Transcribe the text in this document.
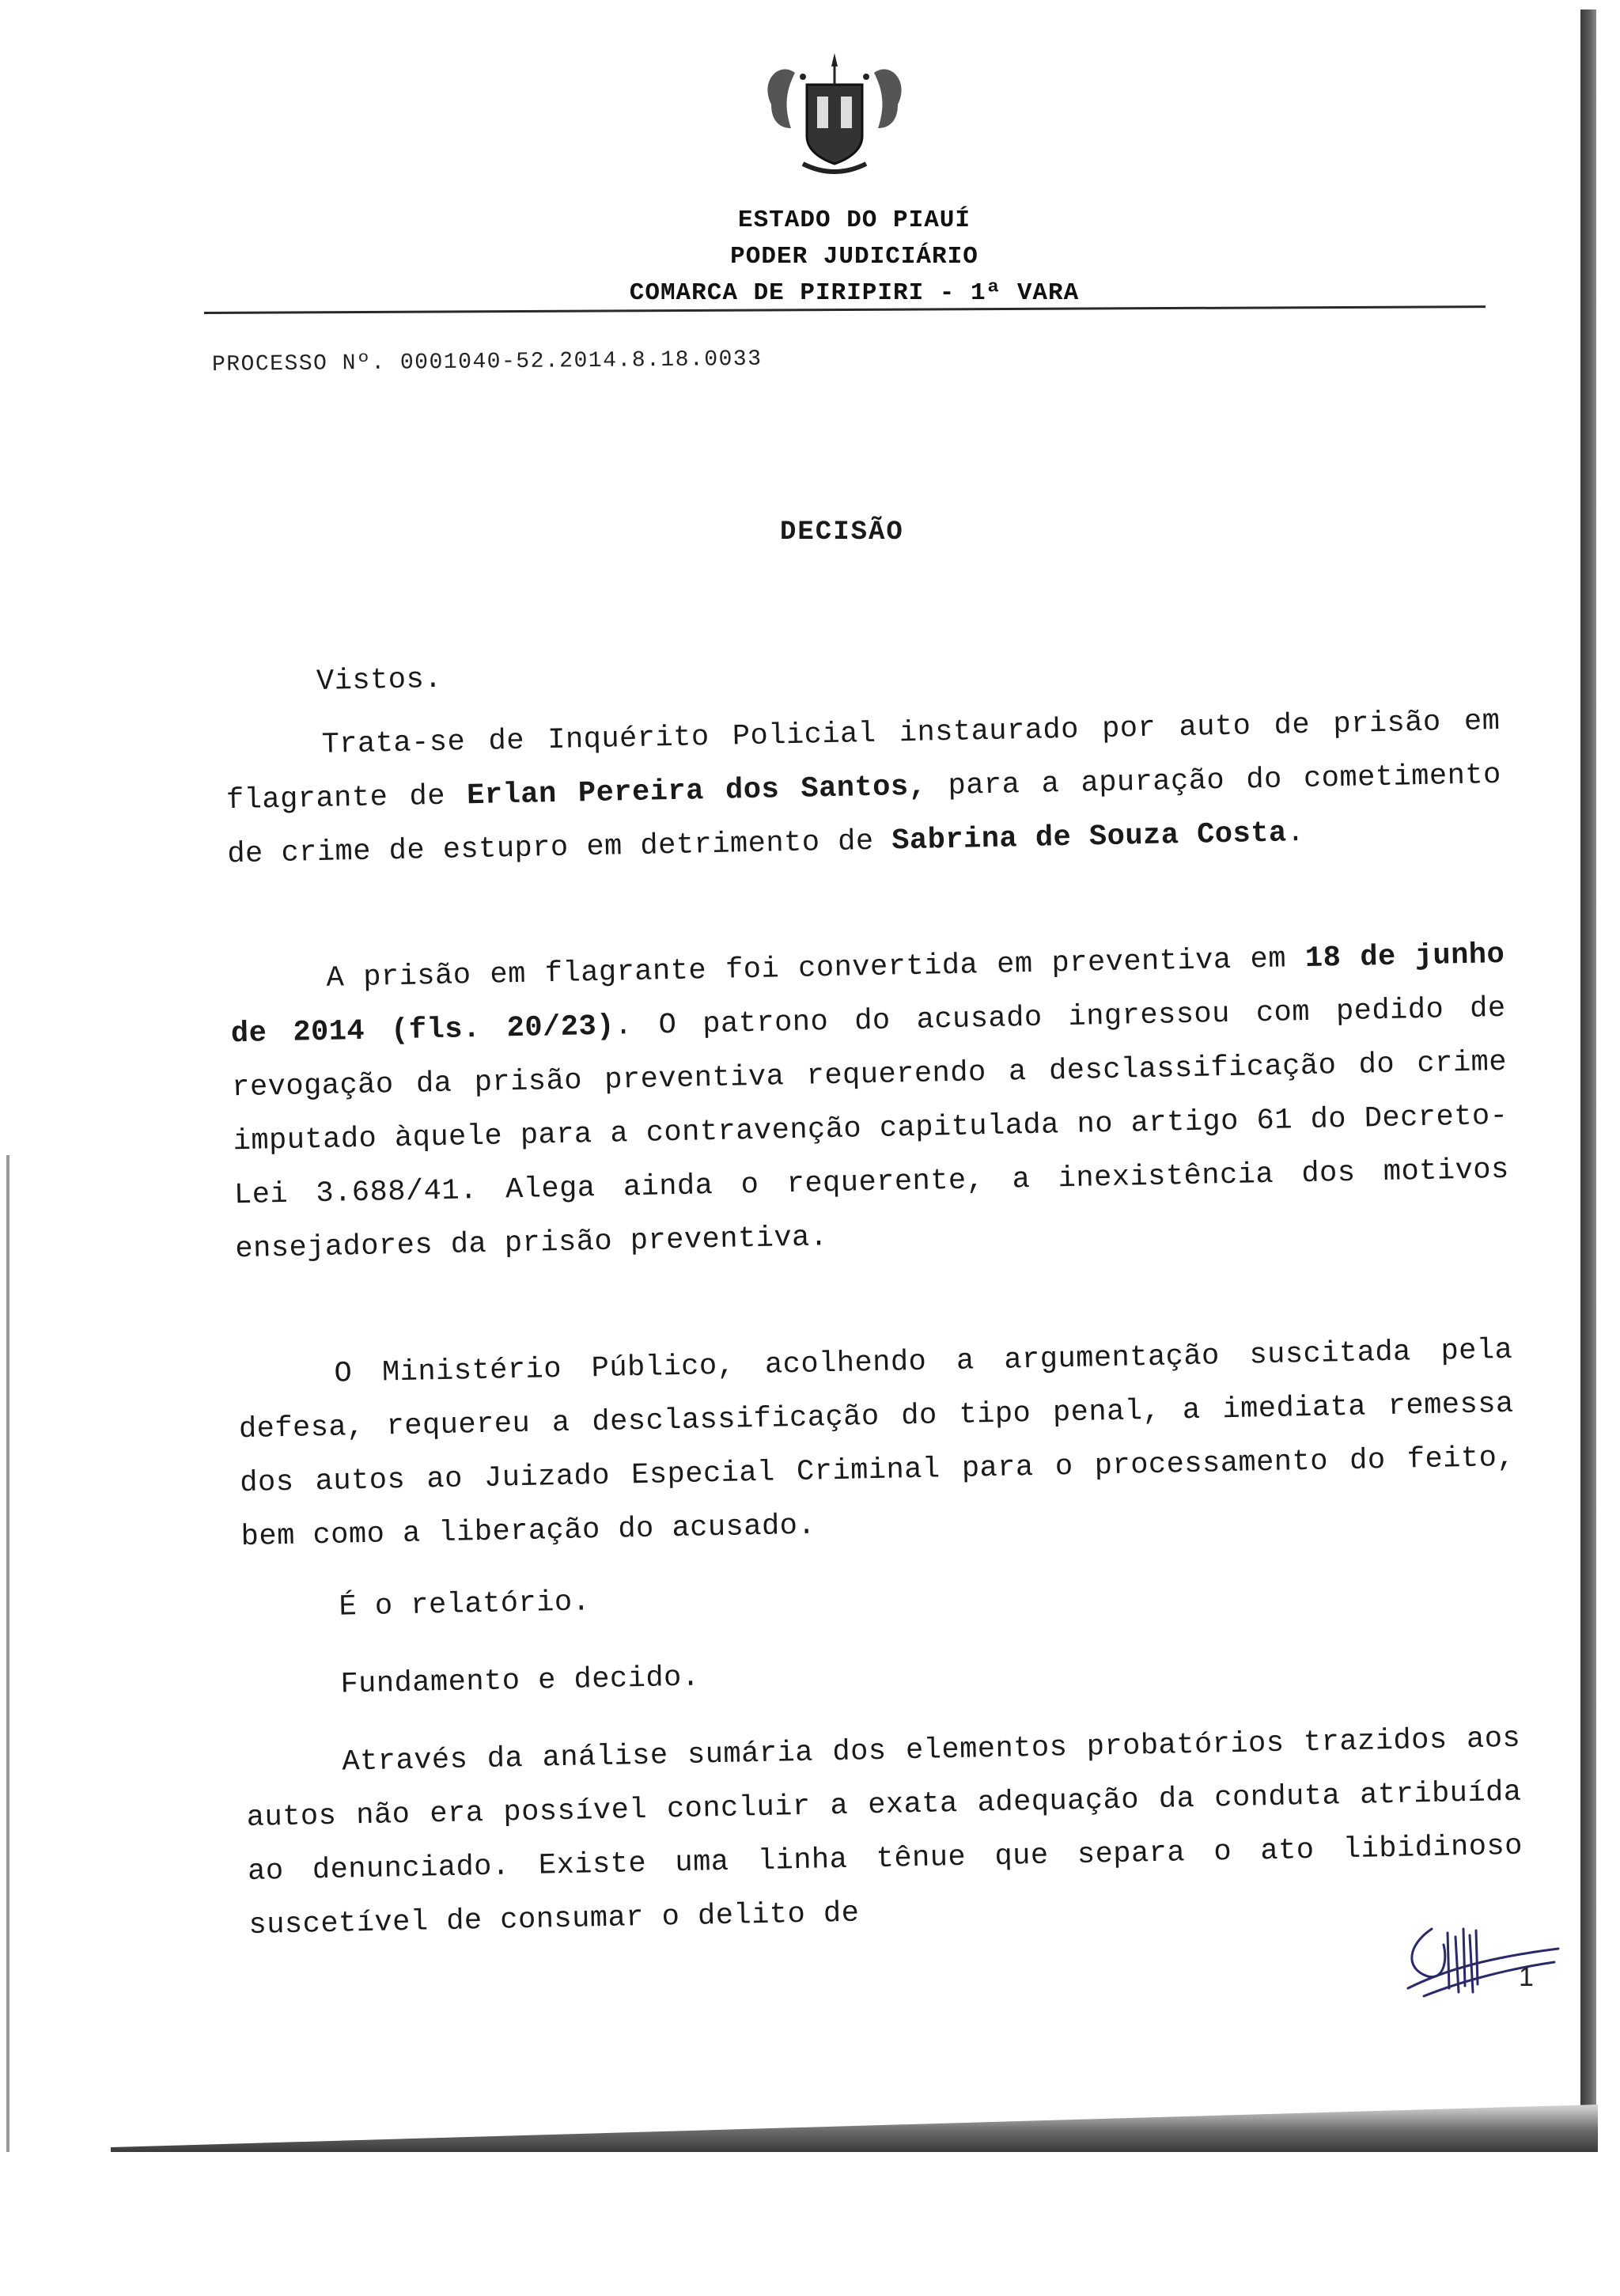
ESTADO DO PIAUÍ
PODER JUDICIÁRIO
COMARCA DE PIRIPIRI - 1ª VARA
PROCESSO Nº. 0001040-52.2014.8.18.0033
DECISÃO
Vistos.
Trata-se de Inquérito Policial instaurado por auto de prisão em flagrante de Erlan Pereira dos Santos, para a apuração do cometimento de crime de estupro em detrimento de Sabrina de Souza Costa.
A prisão em flagrante foi convertida em preventiva em 18 de junho de 2014 (fls. 20/23). O patrono do acusado ingressou com pedido de revogação da prisão preventiva requerendo a desclassificação do crime imputado àquele para a contravenção capitulada no artigo 61 do Decreto-Lei 3.688/41. Alega ainda o requerente, a inexistência dos motivos ensejadores da prisão preventiva.
O Ministério Público, acolhendo a argumentação suscitada pela defesa, requereu a desclassificação do tipo penal, a imediata remessa dos autos ao Juizado Especial Criminal para o processamento do feito, bem como a liberação do acusado.
É o relatório.
Fundamento e decido.
Através da análise sumária dos elementos probatórios trazidos aos autos não era possível concluir a exata adequação da conduta atribuída ao denunciado. Existe uma linha tênue que separa o ato libidinoso suscetível de consumar o delito de
1
